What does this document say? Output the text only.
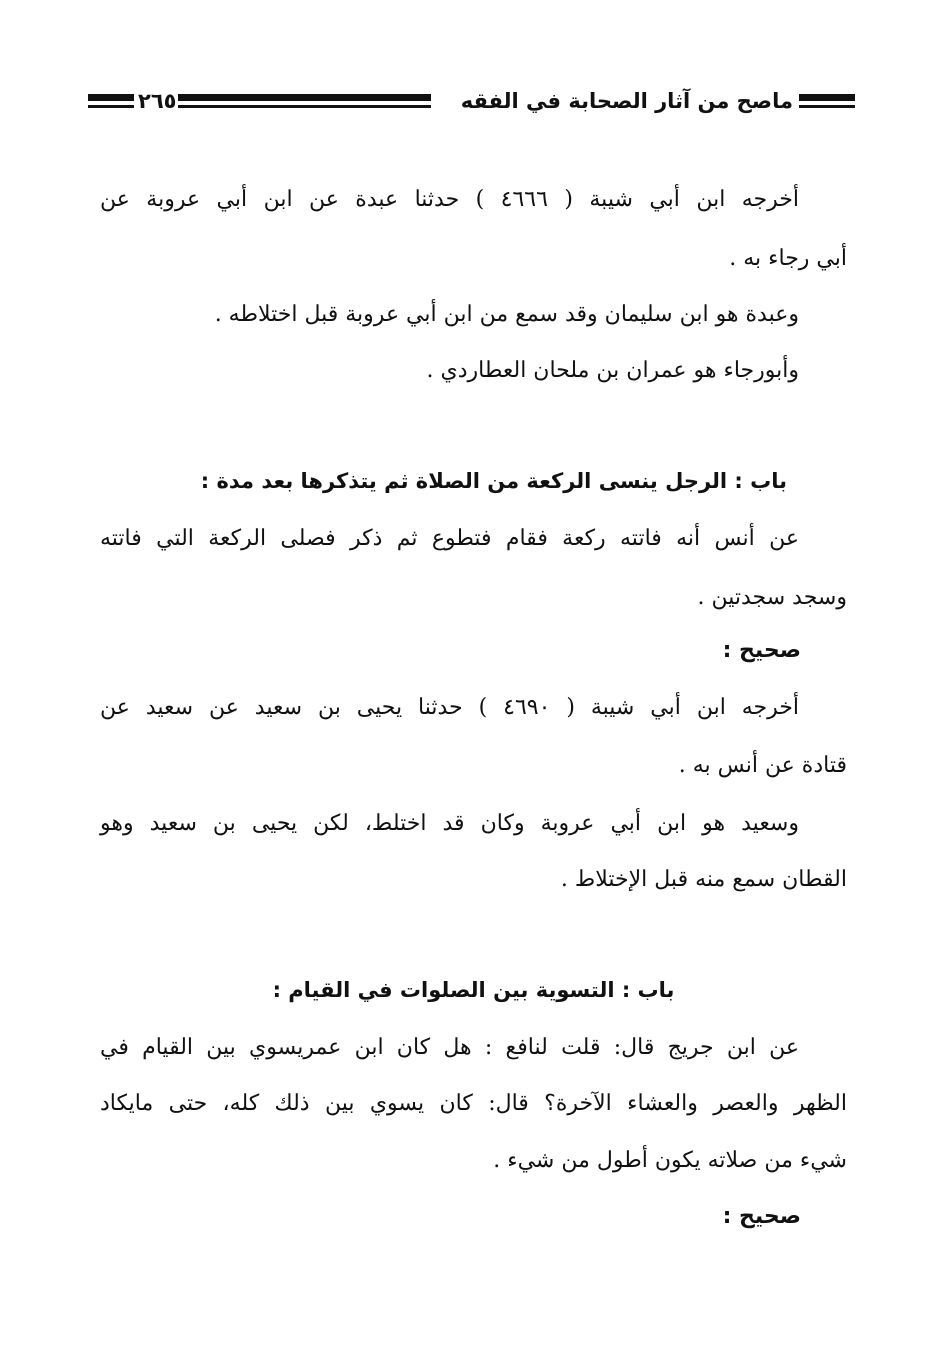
ماصح من آثار الصحابة في الفقه
٢٦٥
أخرجه ابن أبي شيبة ( ٤٦٦٦ ) حدثنا عبدة عن ابن أبي عروبة عن
أبي رجاء به .
وعبدة هو ابن سليمان وقد سمع من ابن أبي عروبة قبل اختلاطه .
وأبورجاء هو عمران بن ملحان العطاردي .
باب : الرجل ينسى الركعة من الصلاة ثم يتذكرها بعد مدة :
عن أنس أنه فاتته ركعة فقام فتطوع ثم ذكر فصلى الركعة التي فاتته
وسجد سجدتين .
صحيح :
أخرجه ابن أبي شيبة ( ٤٦٩٠ ) حدثنا يحيى بن سعيد عن سعيد عن
قتادة عن أنس به .
وسعيد هو ابن أبي عروبة وكان قد اختلط، لكن يحيى بن سعيد وهو
القطان سمع منه قبل الإختلاط .
باب : التسوية بين الصلوات في القيام :
عن ابن جريج قال: قلت لنافع : هل كان ابن عمريسوي بين القيام في
الظهر والعصر والعشاء الآخرة؟ قال: كان يسوي بين ذلك كله، حتى مايكاد
شيء من صلاته يكون أطول من شيء .
صحيح :
